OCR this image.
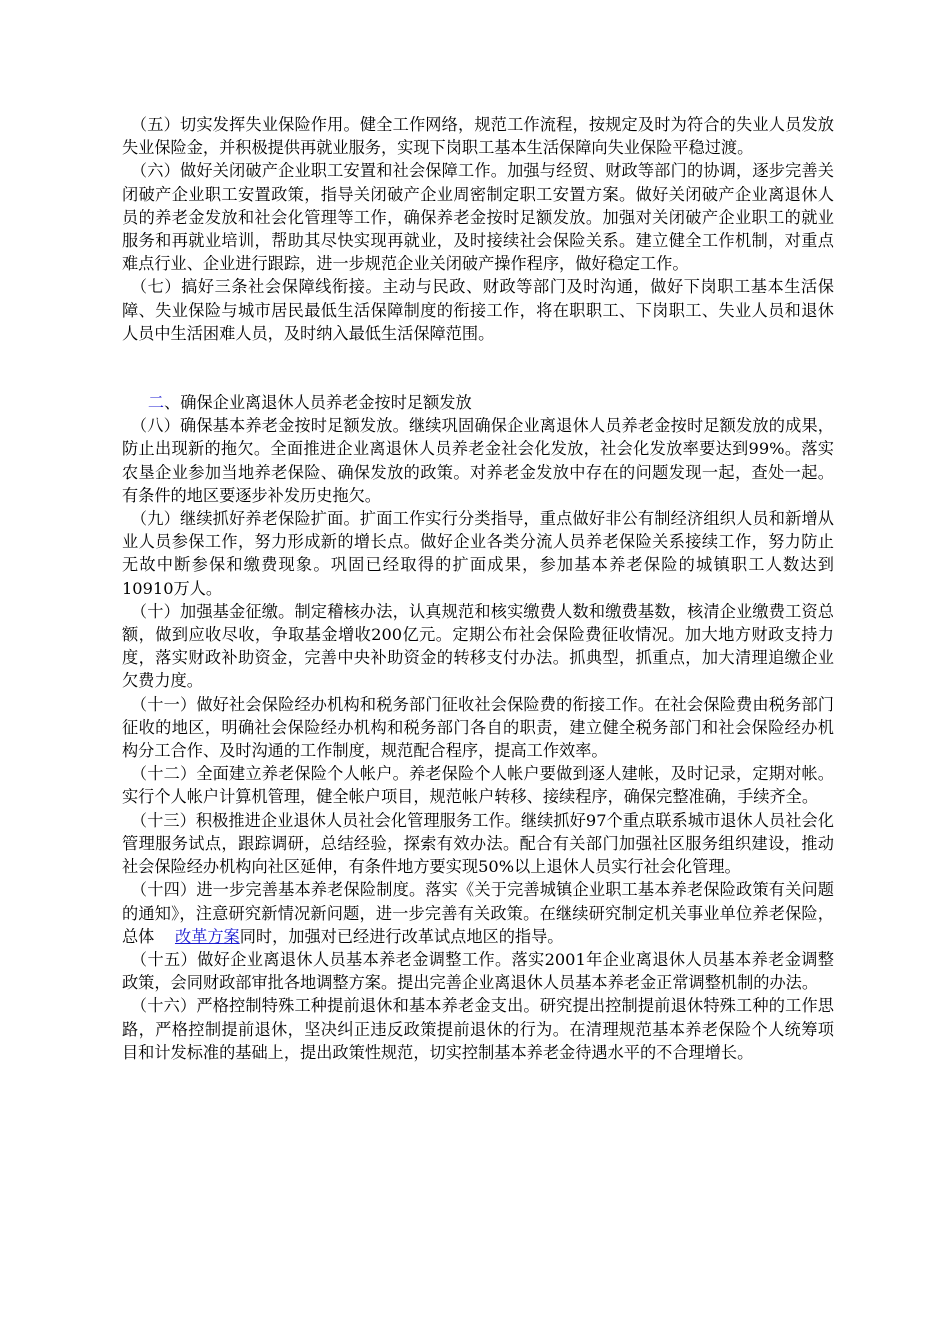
（五）切实发挥失业保险作用。健全工作网络，规范工作流程，按规定及时为符合的失业人员发放失业保险金，并积极提供再就业服务，实现下岗职工基本生活保障向失业保险平稳过渡。

（六）做好关闭破产企业职工安置和社会保障工作。加强与经贸、财政等部门的协调，逐步完善关闭破产企业职工安置政策，指导关闭破产企业周密制定职工安置方案。做好关闭破产企业离退休人员的养老金发放和社会化管理等工作，确保养老金按时足额发放。加强对关闭破产企业职工的就业服务和再就业培训，帮助其尽快实现再就业，及时接续社会保险关系。建立健全工作机制，对重点难点行业、企业进行跟踪，进一步规范企业关闭破产操作程序，做好稳定工作。

（七）搞好三条社会保障线衔接。主动与民政、财政等部门及时沟通，做好下岗职工基本生活保障、失业保险与城市居民最低生活保障制度的衔接工作，将在职职工、下岗职工、失业人员和退休人员中生活困难人员，及时纳入最低生活保障范围。

二、确保企业离退休人员养老金按时足额发放

（八）确保基本养老金按时足额发放。继续巩固确保企业离退休人员养老金按时足额发放的成果，防止出现新的拖欠。全面推进企业离退休人员养老金社会化发放，社会化发放率要达到99%。落实农垦企业参加当地养老保险、确保发放的政策。对养老金发放中存在的问题发现一起，查处一起。有条件的地区要逐步补发历史拖欠。

（九）继续抓好养老保险扩面。扩面工作实行分类指导，重点做好非公有制经济组织人员和新增从业人员参保工作，努力形成新的增长点。做好企业各类分流人员养老保险关系接续工作，努力防止无故中断参保和缴费现象。巩固已经取得的扩面成果，参加基本养老保险的城镇职工人数达到10910万人。

（十）加强基金征缴。制定稽核办法，认真规范和核实缴费人数和缴费基数，核清企业缴费工资总额，做到应收尽收，争取基金增收200亿元。定期公布社会保险费征收情况。加大地方财政支持力度，落实财政补助资金，完善中央补助资金的转移支付办法。抓典型，抓重点，加大清理追缴企业欠费力度。

（十一）做好社会保险经办机构和税务部门征收社会保险费的衔接工作。在社会保险费由税务部门征收的地区，明确社会保险经办机构和税务部门各自的职责，建立健全税务部门和社会保险经办机构分工合作、及时沟通的工作制度，规范配合程序，提高工作效率。

（十二）全面建立养老保险个人帐户。养老保险个人帐户要做到逐人建帐，及时记录，定期对帐。实行个人帐户计算机管理，健全帐户项目，规范帐户转移、接续程序，确保完整准确，手续齐全。

（十三）积极推进企业退休人员社会化管理服务工作。继续抓好97个重点联系城市退休人员社会化管理服务试点，跟踪调研，总结经验，探索有效办法。配合有关部门加强社区服务组织建设，推动社会保险经办机构向社区延伸，有条件地方要实现50%以上退休人员实行社会化管理。

（十四）进一步完善基本养老保险制度。落实《关于完善城镇企业职工基本养老保险政策有关问题的通知》，注意研究新情况新问题，进一步完善有关政策。在继续研究制定机关事业单位养老保险，总体 改革方案同时，加强对已经进行改革试点地区的指导。

（十五）做好企业离退休人员基本养老金调整工作。落实2001年企业离退休人员基本养老金调整政策，会同财政部审批各地调整方案。提出完善企业离退休人员基本养老金正常调整机制的办法。

（十六）严格控制特殊工种提前退休和基本养老金支出。研究提出控制提前退休特殊工种的工作思路，严格控制提前退休，坚决纠正违反政策提前退休的行为。在清理规范基本养老保险个人统筹项目和计发标准的基础上，提出政策性规范，切实控制基本养老金待遇水平的不合理增长。
